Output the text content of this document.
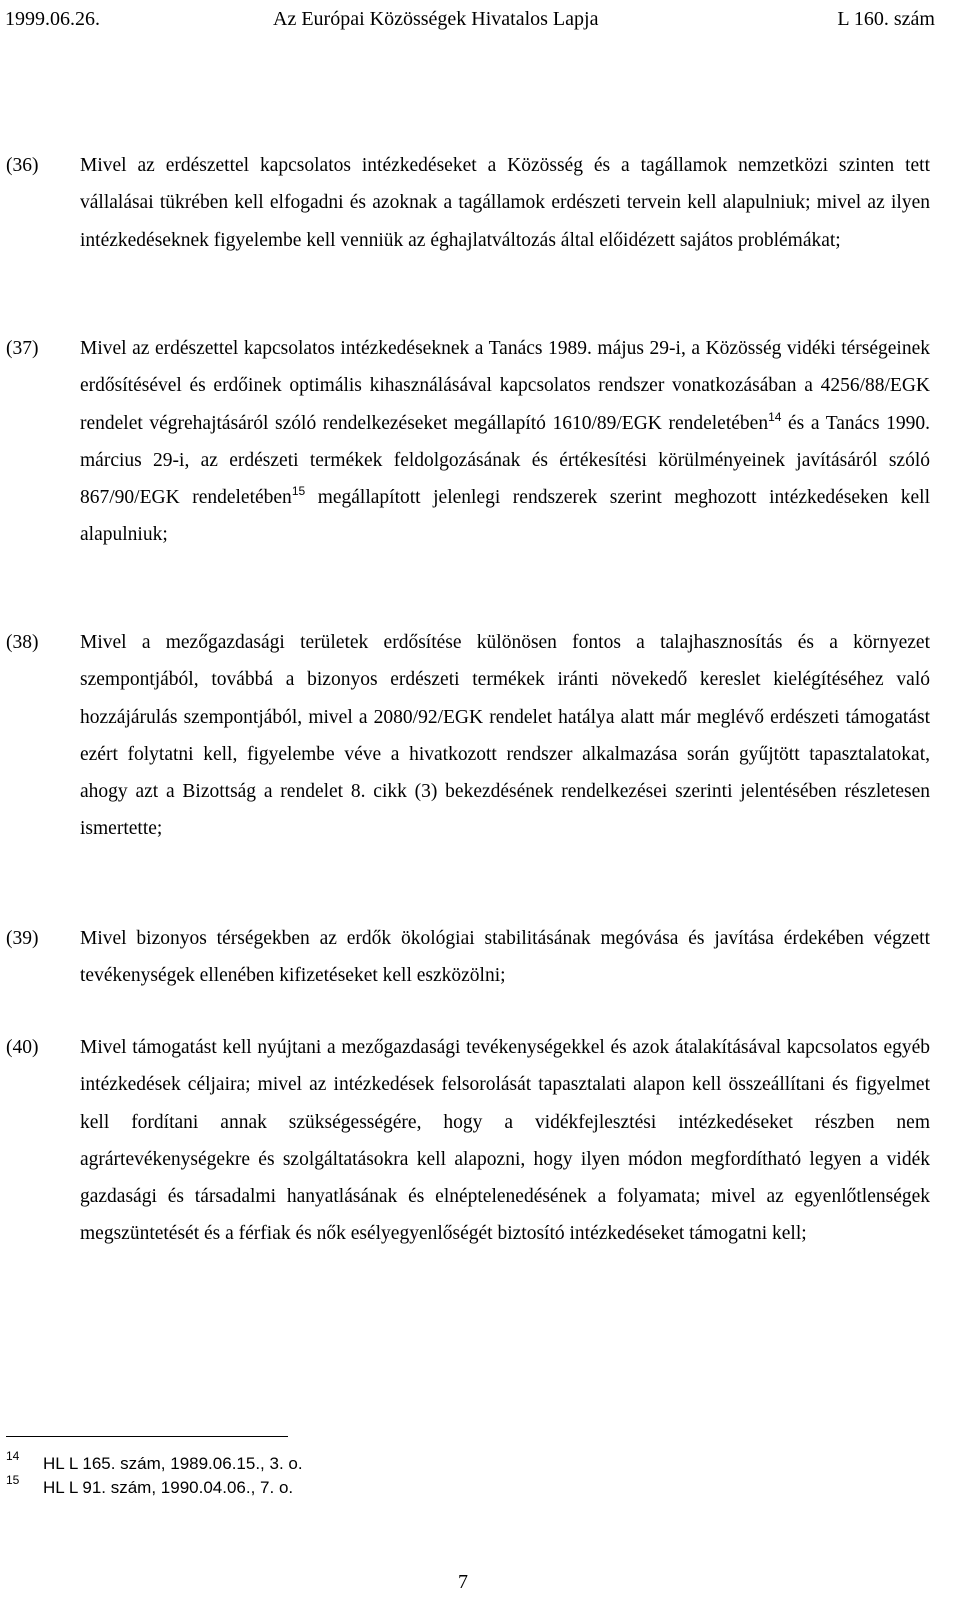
1999.06.26.	Az Európai Közösségek Hivatalos Lapja	L 160. szám
(36) Mivel az erdészettel kapcsolatos intézkedéseket a Közösség és a tagállamok nemzetközi szinten tett vállalásai tükrében kell elfogadni és azoknak a tagállamok erdészeti tervein kell alapulniuk; mivel az ilyen intézkedéseknek figyelembe kell venniük az éghajlatváltozás által előidézett sajátos problémákat;
(37) Mivel az erdészettel kapcsolatos intézkedéseknek a Tanács 1989. május 29-i, a Közösség vidéki térségeinek erdősítésével és erdőinek optimális kihasználásával kapcsolatos rendszer vonatkozásában a 4256/88/EGK rendelet végrehajtásáról szóló rendelkezéseket megállapító 1610/89/EGK rendeletében$^{14}$ és a Tanács 1990. március 29-i, az erdészeti termékek feldolgozásának és értékesítési körülményeinek javításáról szóló 867/90/EGK rendeletében$^{15}$ megállapított jelenlegi rendszerek szerint meghozott intézkedéseken kell alapulniuk;
(38) Mivel a mezőgazdasági területek erdősítése különösen fontos a talajhasznosítás és a környezet szempontjából, továbbá a bizonyos erdészeti termékek iránti növekedő kereslet kielégítéséhez való hozzájárulás szempontjából, mivel a 2080/92/EGK rendelet hatálya alatt már meglévő erdészeti támogatást ezért folytatni kell, figyelembe véve a hivatkozott rendszer alkalmazása során gyűjtött tapasztalatokat, ahogy azt a Bizottság a rendelet 8. cikk (3) bekezdésének rendelkezései szerinti jelentésében részletesen ismertette;
(39) Mivel bizonyos térségekben az erdők ökológiai stabilitásának megóvása és javítása érdekében végzett tevékenységek ellenében kifizetéseket kell eszközölni;
(40) Mivel támogatást kell nyújtani a mezőgazdasági tevékenységekkel és azok átalakításával kapcsolatos egyéb intézkedések céljaira; mivel az intézkedések felsorolását tapasztalati alapon kell összeállítani és figyelmet kell fordítani annak szükségességére, hogy a vidékfejlesztési intézkedéseket részben nem agrártevékenységekre és szolgáltatásokra kell alapozni, hogy ilyen módon megfordítható legyen a vidék gazdasági és társadalmi hanyatlásának és elnéptelenedésének a folyamata; mivel az egyenlőtlenségek megszüntetését és a férfiak és nők esélyegyenlőségét biztosító intézkedéseket támogatni kell;
14 HL L 165. szám, 1989.06.15., 3. o.
15 HL L 91. szám, 1990.04.06., 7. o.
7
